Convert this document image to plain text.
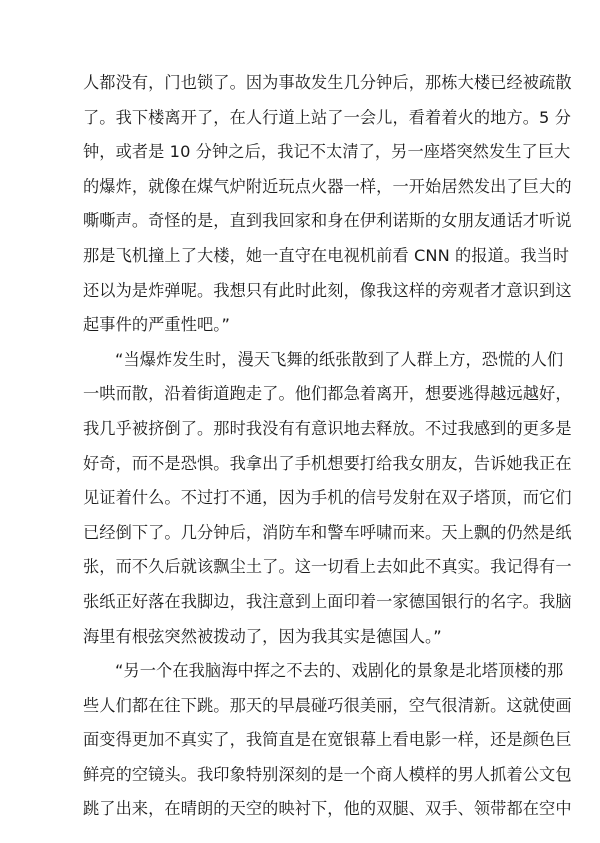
人都没有，门也锁了。因为事故发生几分钟后，那栋大楼已经被疏散
了。我下楼离开了，在人行道上站了一会儿，看着着火的地方。5 分
钟，或者是 10 分钟之后，我记不太清了，另一座塔突然发生了巨大
的爆炸，就像在煤气炉附近玩点火器一样，一开始居然发出了巨大的
嘶嘶声。奇怪的是，直到我回家和身在伊利诺斯的女朋友通话才听说
那是飞机撞上了大楼，她一直守在电视机前看 CNN 的报道。我当时
还以为是炸弹呢。我想只有此时此刻，像我这样的旁观者才意识到这
起事件的严重性吧。”
“当爆炸发生时，漫天飞舞的纸张散到了人群上方，恐慌的人们
一哄而散，沿着街道跑走了。他们都急着离开，想要逃得越远越好，
我几乎被挤倒了。那时我没有有意识地去释放。不过我感到的更多是
好奇，而不是恐惧。我拿出了手机想要打给我女朋友，告诉她我正在
见证着什么。不过打不通，因为手机的信号发射在双子塔顶，而它们
已经倒下了。几分钟后，消防车和警车呼啸而来。天上飘的仍然是纸
张，而不久后就该飘尘土了。这一切看上去如此不真实。我记得有一
张纸正好落在我脚边，我注意到上面印着一家德国银行的名字。我脑
海里有根弦突然被拨动了，因为我其实是德国人。”
“另一个在我脑海中挥之不去的、戏剧化的景象是北塔顶楼的那
些人们都在往下跳。那天的早晨碰巧很美丽，空气很清新。这就使画
面变得更加不真实了，我简直是在宽银幕上看电影一样，还是颜色巨
鲜亮的空镜头。我印象特别深刻的是一个商人模样的男人抓着公文包
跳了出来，在晴朗的天空的映衬下，他的双腿、双手、领带都在空中
